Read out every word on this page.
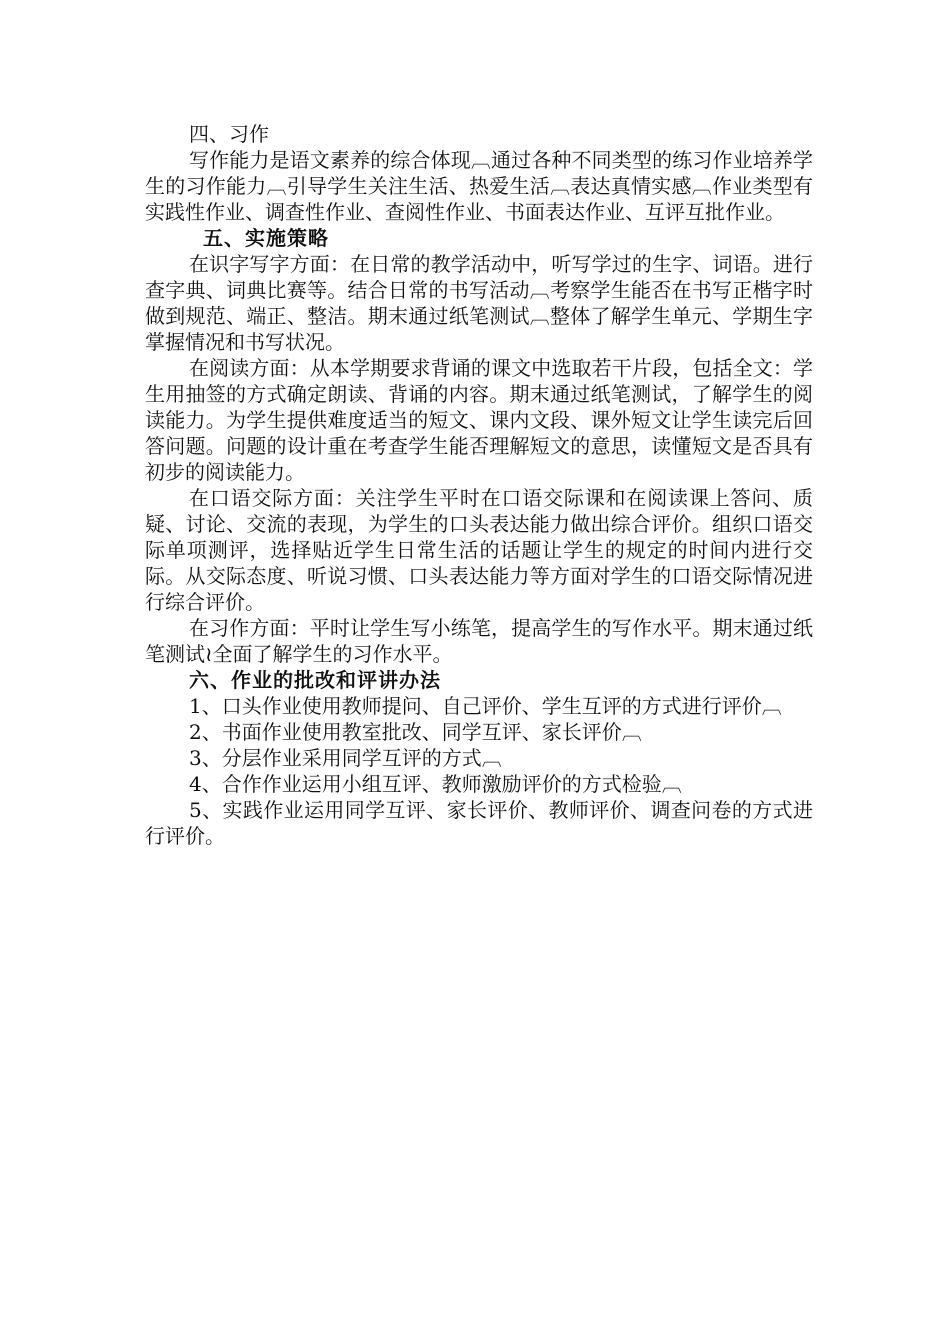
四、习作

写作能力是语文素养的综合体现︹通过各种不同类型的练习作业培养学生的习作能力︹引导学生关注生活、热爱生活︹表达真情实感︹作业类型有实践性作业、调查性作业、查阅性作业、书面表达作业、互评互批作业。

五、实施策略

在识字写字方面：在日常的教学活动中，听写学过的生字、词语。进行查字典、词典比赛等。结合日常的书写活动︹考察学生能否在书写正楷字时做到规范、端正、整洁。期末通过纸笔测试︹整体了解学生单元、学期生字掌握情况和书写状况。

在阅读方面：从本学期要求背诵的课文中选取若干片段，包括全文：学生用抽签的方式确定朗读、背诵的内容。期末通过纸笔测试，了解学生的阅读能力。为学生提供难度适当的短文、课内文段、课外短文让学生读完后回答问题。问题的设计重在考查学生能否理解短文的意思，读懂短文是否具有初步的阅读能力。

在口语交际方面：关注学生平时在口语交际课和在阅读课上答问、质疑、讨论、交流的表现，为学生的口头表达能力做出综合评价。组织口语交际单项测评，选择贴近学生日常生活的话题让学生的规定的时间内进行交际。从交际态度、听说习惯、口头表达能力等方面对学生的口语交际情况进行综合评价。

在习作方面：平时让学生写小练笔，提高学生的写作水平。期末通过纸笔测试≀全面了解学生的习作水平。

六、作业的批改和评讲办法

1、口头作业使用教师提问、自己评价、学生互评的方式进行评价︹

2、书面作业使用教室批改、同学互评、家长评价︹

3、分层作业采用同学互评的方式︹

4、合作作业运用小组互评、教师激励评价的方式检验︹

5、实践作业运用同学互评、家长评价、教师评价、调查问卷的方式进行评价。
